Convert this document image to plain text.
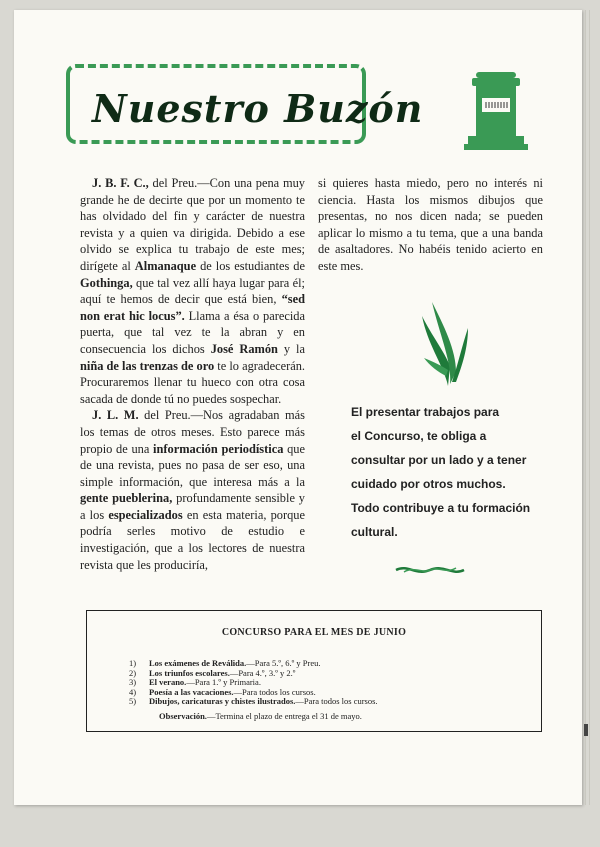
Nuestro Buzón

J. B. F. C., del Preu.—Con una pena muy grande he de decirte que por un momento te has olvidado del fin y carácter de nuestra revista y a quien va dirigida. Debido a ese olvido se explica tu trabajo de este mes; dirígete al Almanaque de los estudiantes de Gothinga, que tal vez allí haya lugar para él; aquí te hemos de decir que está bien, “sed non erat hic locus”. Llama a ésa o parecida puerta, que tal vez te la abran y en consecuencia los dichos José Ramón y la niña de las trenzas de oro te lo agradecerán. Procuraremos llenar tu hueco con otra cosa sacada de donde tú no puedes sospechar.

J. L. M. del Preu.—Nos agradaban más los temas de otros meses. Esto parece más propio de una información periodística que de una revista, pues no pasa de ser eso, una simple información, que interesa más a la gente pueblerina, profundamente sensible y a los especializados en esta materia, porque podría serles motivo de estudio e investigación, que a los lectores de nuestra revista que les produciría,

si quieres hasta miedo, pero no interés ni ciencia. Hasta los mismos dibujos que presentas, no nos dicen nada; se pueden aplicar lo mismo a tu tema, que a una banda de asaltadores. No habéis tenido acierto en este mes.

El presentar trabajos para
el Concurso, te obliga a
consultar por un lado y a tener
cuidado por otros muchos.
Todo contribuye a tu formación
cultural.

CONCURSO PARA EL MES DE JUNIO

1) Los exámenes de Reválida.—Para 5.º, 6.º y Preu.
2) Los triunfos escolares.—Para 4.º, 3.º y 2.º
3) El verano.—Para 1.º y Primaria.
4) Poesía a las vacaciones.—Para todos los cursos.
5) Dibujos, caricaturas y chistes ilustrados.—Para todos los cursos.
Observación.—Termina el plazo de entrega el 31 de mayo.
